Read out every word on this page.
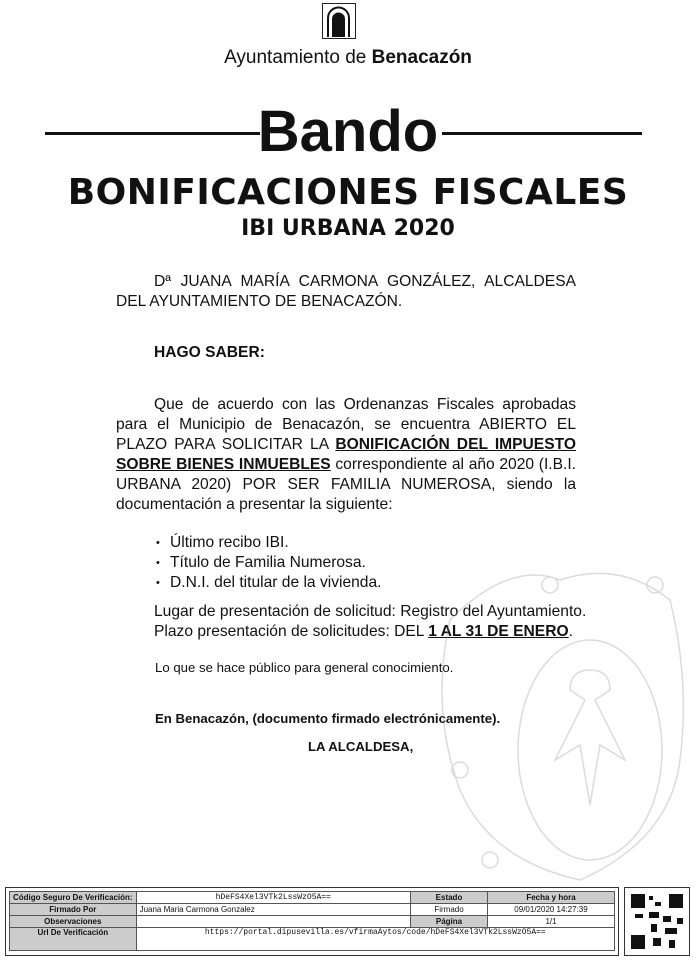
Ayuntamiento de Benacazón
Bando
BONIFICACIONES FISCALES
IBI URBANA 2020
Dª JUANA MARÍA CARMONA GONZÁLEZ, ALCALDESA DEL AYUNTAMIENTO DE BENACAZÓN.
HAGO SABER:
Que de acuerdo con las Ordenanzas Fiscales aprobadas para el Municipio de Benacazón, se encuentra ABIERTO EL PLAZO PARA SOLICITAR LA BONIFICACIÓN DEL IMPUESTO SOBRE BIENES INMUEBLES correspondiente al año 2020 (I.B.I. URBANA 2020) POR SER FAMILIA NUMEROSA, siendo la documentación a presentar la siguiente:
• Último recibo IBI.
• Título de Familia Numerosa.
• D.N.I. del titular de la vivienda.
Lugar de presentación de solicitud: Registro del Ayuntamiento.
Plazo presentación de solicitudes: DEL 1 AL 31 DE ENERO.
Lo que se hace público para general conocimiento.
En Benacazón, (documento firmado electrónicamente).
LA ALCALDESA,
Código Seguro De Verificación:	hDeFS4Xel3VTk2LssWzO5A==	Estado	Fecha y hora
Firmado Por	Juana Maria Carmona Gonzalez	Firmado	09/01/2020 14:27:39
Observaciones		Página	1/1
Url De Verificación	https://portal.dipusevilla.es/vfirmaAytos/code/hDeFS4Xel3VTk2LssWzO5A==		
